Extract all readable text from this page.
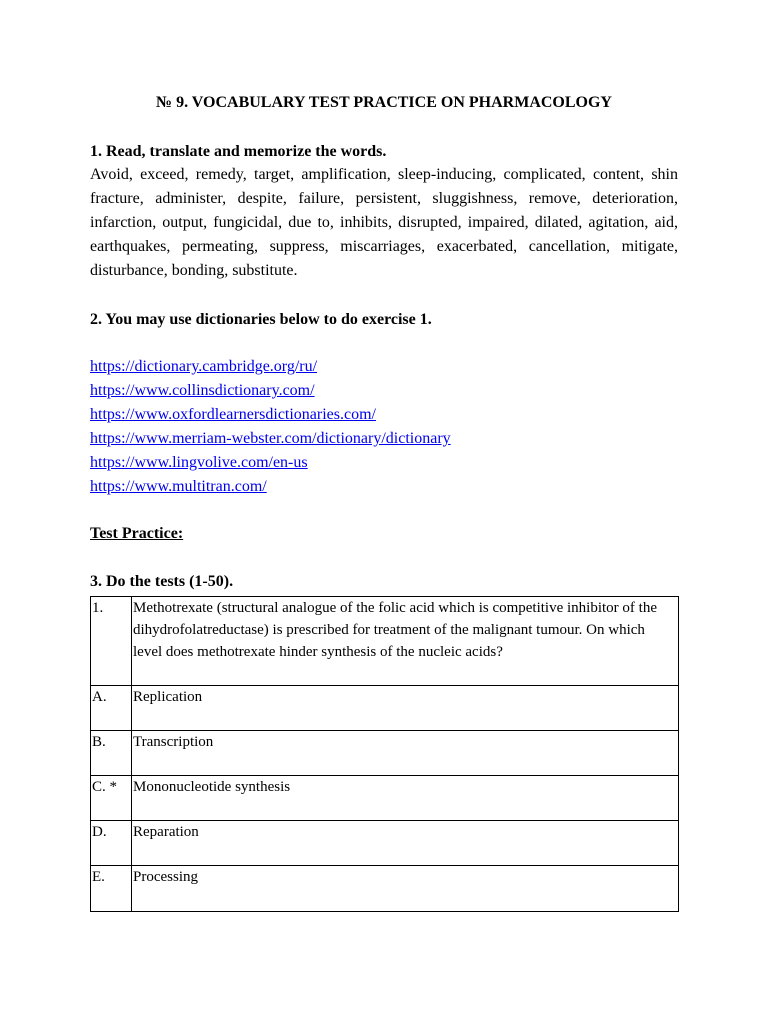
№ 9. VOCABULARY TEST PRACTICE ON PHARMACOLOGY
1. Read, translate and memorize the words.
Avoid, exceed, remedy, target, amplification, sleep-inducing, complicated, content, shin fracture, administer, despite, failure, persistent, sluggishness, remove, deterioration, infarction, output, fungicidal, due to, inhibits, disrupted, impaired, dilated, agitation, aid, earthquakes, permeating, suppress, miscarriages, exacerbated, cancellation, mitigate, disturbance, bonding, substitute.
2. You may use dictionaries below to do exercise 1.
https://dictionary.cambridge.org/ru/
https://www.collinsdictionary.com/
https://www.oxfordlearnersdictionaries.com/
https://www.merriam-webster.com/dictionary/dictionary
https://www.lingvolive.com/en-us
https://www.multitran.com/
Test Practice:
3. Do the tests (1-50).
1.	Methotrexate (structural analogue of the folic acid which is competitive inhibitor of the dihydrofolatreductase) is prescribed for treatment of the malignant tumour. On which level does methotrexate hinder synthesis of the nucleic acids?
A.	Replication
B.	Transcription
C. *	Mononucleotide synthesis
D.	Reparation
E.	Processing
